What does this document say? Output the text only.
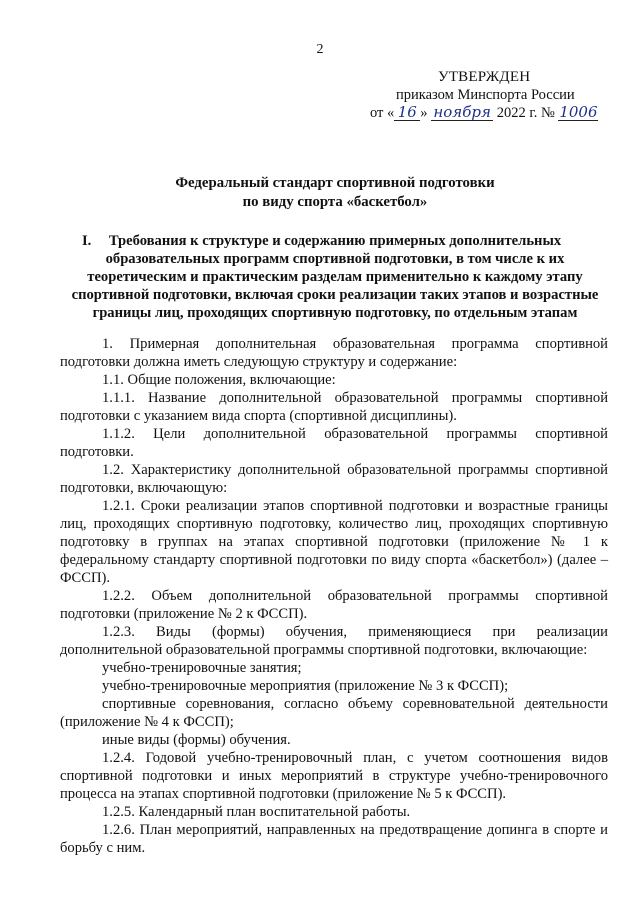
2
УТВЕРЖДЕН
приказом Минспорта России
от « 16 » ноября 2022 г. № 1006
Федеральный стандарт спортивной подготовки
по виду спорта «баскетбол»
I.	Требования к структуре и содержанию примерных дополнительных
образовательных программ спортивной подготовки, в том числе к их
теоретическим и практическим разделам применительно к каждому этапу
спортивной подготовки, включая сроки реализации таких этапов и возрастные
границы лиц, проходящих спортивную подготовку, по отдельным этапам

1. Примерная дополнительная образовательная программа спортивной подготовки должна иметь следующую структуру и содержание:

1.1. Общие положения, включающие:

1.1.1. Название дополнительной образовательной программы спортивной подготовки с указанием вида спорта (спортивной дисциплины).

1.1.2. Цели дополнительной образовательной программы спортивной подготовки.

1.2. Характеристику дополнительной образовательной программы спортивной подготовки, включающую:

1.2.1. Сроки реализации этапов спортивной подготовки и возрастные границы лиц, проходящих спортивную подготовку, количество лиц, проходящих спортивную подготовку в группах на этапах спортивной подготовки (приложение № 1 к федеральному стандарту спортивной подготовки по виду спорта «баскетбол») (далее – ФССП).

1.2.2. Объем дополнительной образовательной программы спортивной подготовки (приложение № 2 к ФССП).

1.2.3. Виды (формы) обучения, применяющиеся при реализации дополнительной образовательной программы спортивной подготовки, включающие:

учебно-тренировочные занятия;

учебно-тренировочные мероприятия (приложение № 3 к ФССП);

спортивные соревнования, согласно объему соревновательной деятельности (приложение № 4 к ФССП);

иные виды (формы) обучения.

1.2.4. Годовой учебно-тренировочный план, с учетом соотношения видов спортивной подготовки и иных мероприятий в структуре учебно-тренировочного процесса на этапах спортивной подготовки (приложение № 5 к ФССП).

1.2.5. Календарный план воспитательной работы.

1.2.6. План мероприятий, направленных на предотвращение допинга в спорте и борьбу с ним.
